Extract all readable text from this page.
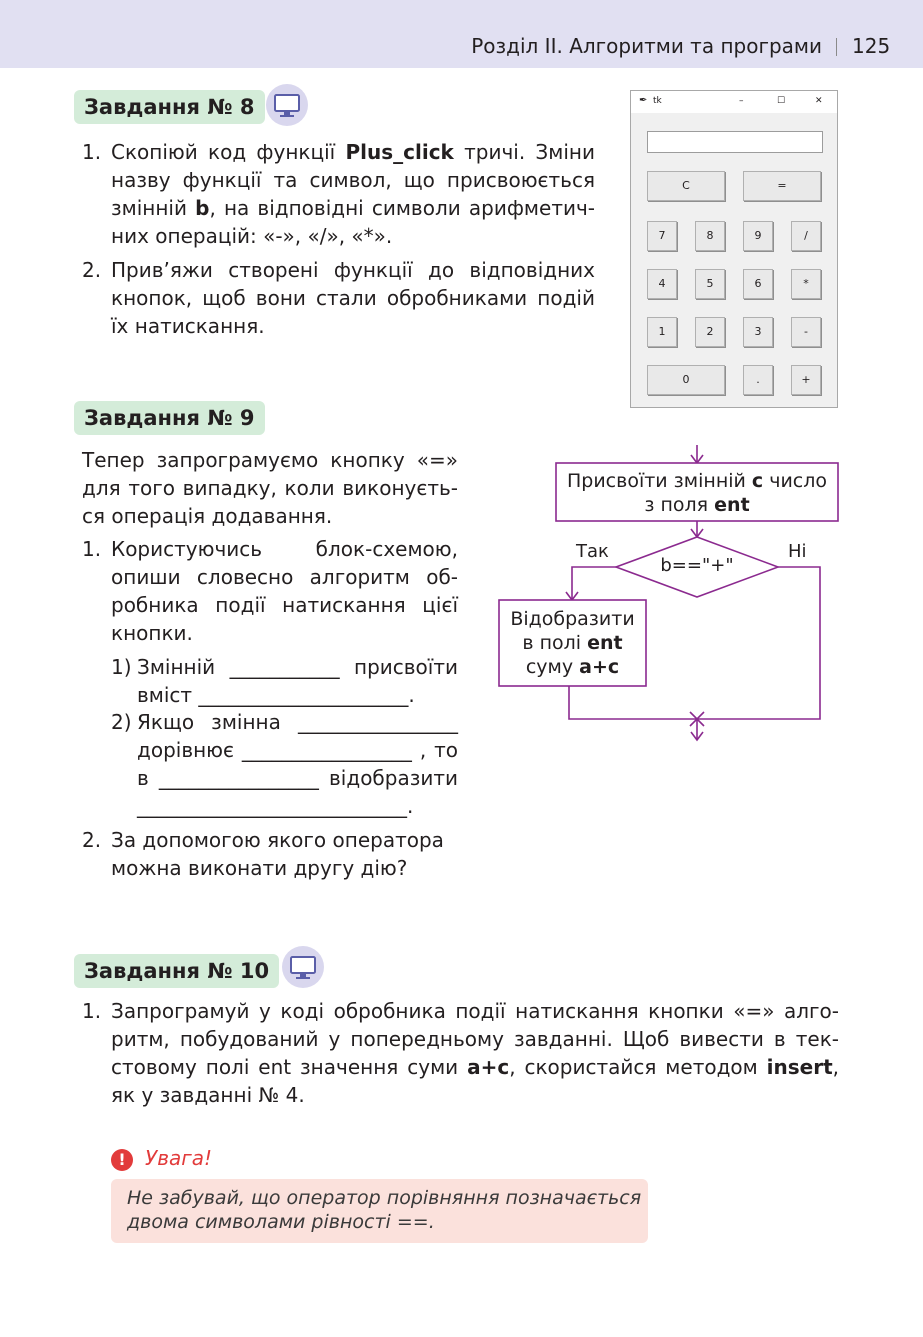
Розділ ІІ. Алгоритми та програми 125
Завдання № 8
1. Скопіюй код функції Plus_click тричі. Зміни
назву функції та символ, що присвоюється
змінній b, на відповідні символи арифметич-
них операцій: «-», «/», «*».
2. Прив’яжи створені функції до відповідних
кнопок, щоб вони стали обробниками подій
їх натискання.
✒ tk	–	☐	✕
C	=
7	8	9	/
4	5	6	*
1	2	3	-
0	.	+
Завдання № 9
Тепер запрограмуємо кнопку «=»
для того випадку, коли виконуєть-
ся операція додавання.
1. Користуючись блок-схемою,
опиши словесно алгоритм об-
робника події натискання цієї
кнопки.
1) Змінній ___________ присвоїти
вміст _____________________.
2) Якщо змінна ________________
дорівнює _________________ , то
в ________________ відобразити
___________________________.
2. За допомогою якого оператора
можна виконати другу дію?
Присвоїти змінній c число
з поля ent
b=="+"
Так	Ні
Відобразити
в полі ent
суму a+c
Завдання № 10
1. Запрограмуй у коді обробника події натискання кнопки «=» алго-
ритм, побудований у попередньому завданні. Щоб вивести в тек-
стовому полі ent значення суми a+c, скористайся методом insert,
як у завданні № 4.
! Увага!
Не забувай, що оператор порівняння позначається
двома символами рівності ==.
